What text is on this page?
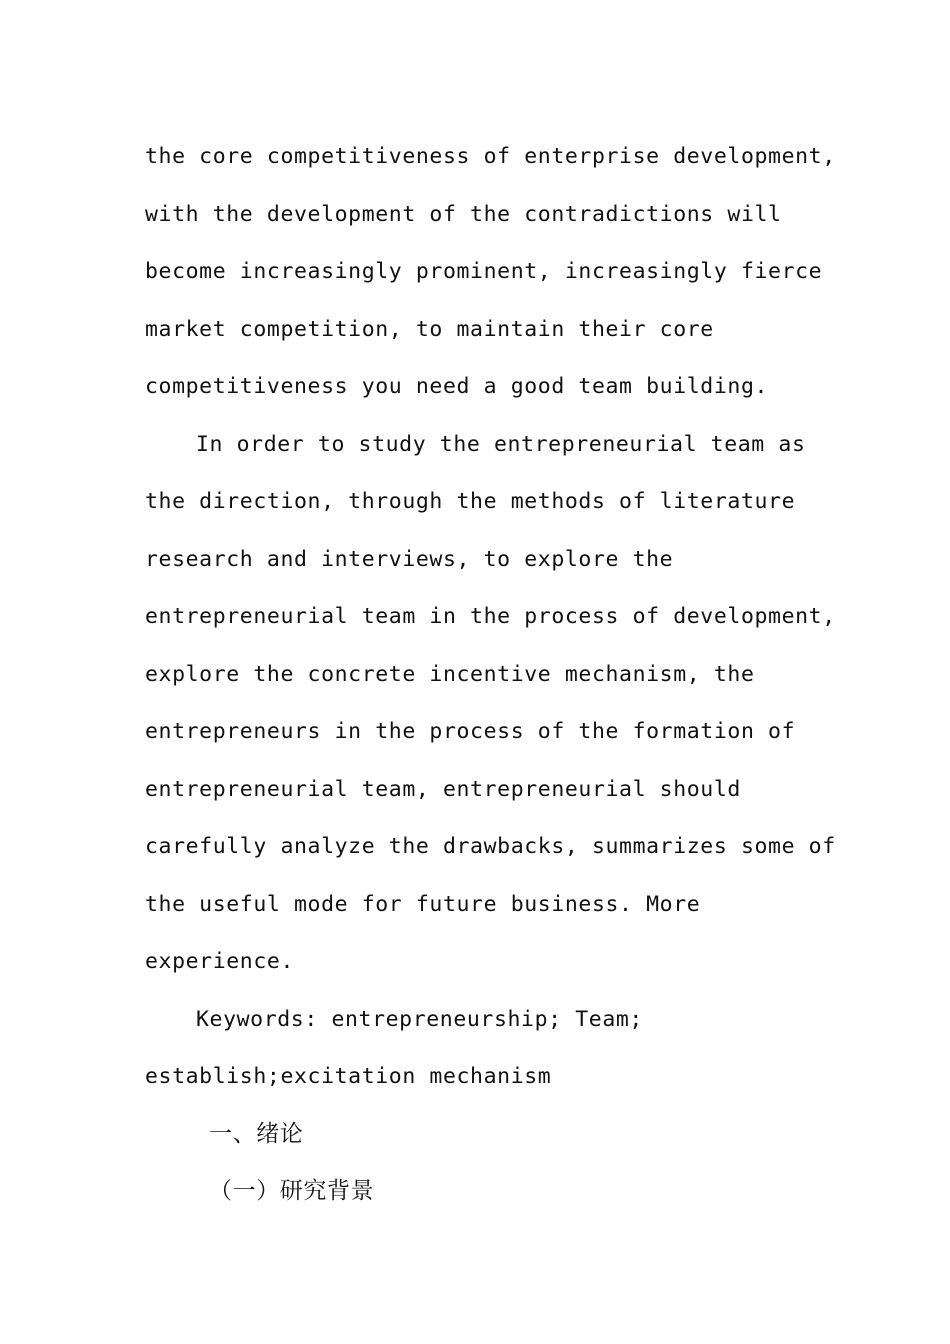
the core competitiveness of enterprise development,
with the development of the contradictions will
become increasingly prominent, increasingly fierce
market competition, to maintain their core
competitiveness you need a good team building.
In order to study the entrepreneurial team as
the direction, through the methods of literature
research and interviews, to explore the
entrepreneurial team in the process of development,
explore the concrete incentive mechanism, the
entrepreneurs in the process of the formation of
entrepreneurial team, entrepreneurial should
carefully analyze the drawbacks, summarizes some of
the useful mode for future business. More
experience.
Keywords: entrepreneurship; Team;
establish;excitation mechanism
一、绪论
（一）研究背景
